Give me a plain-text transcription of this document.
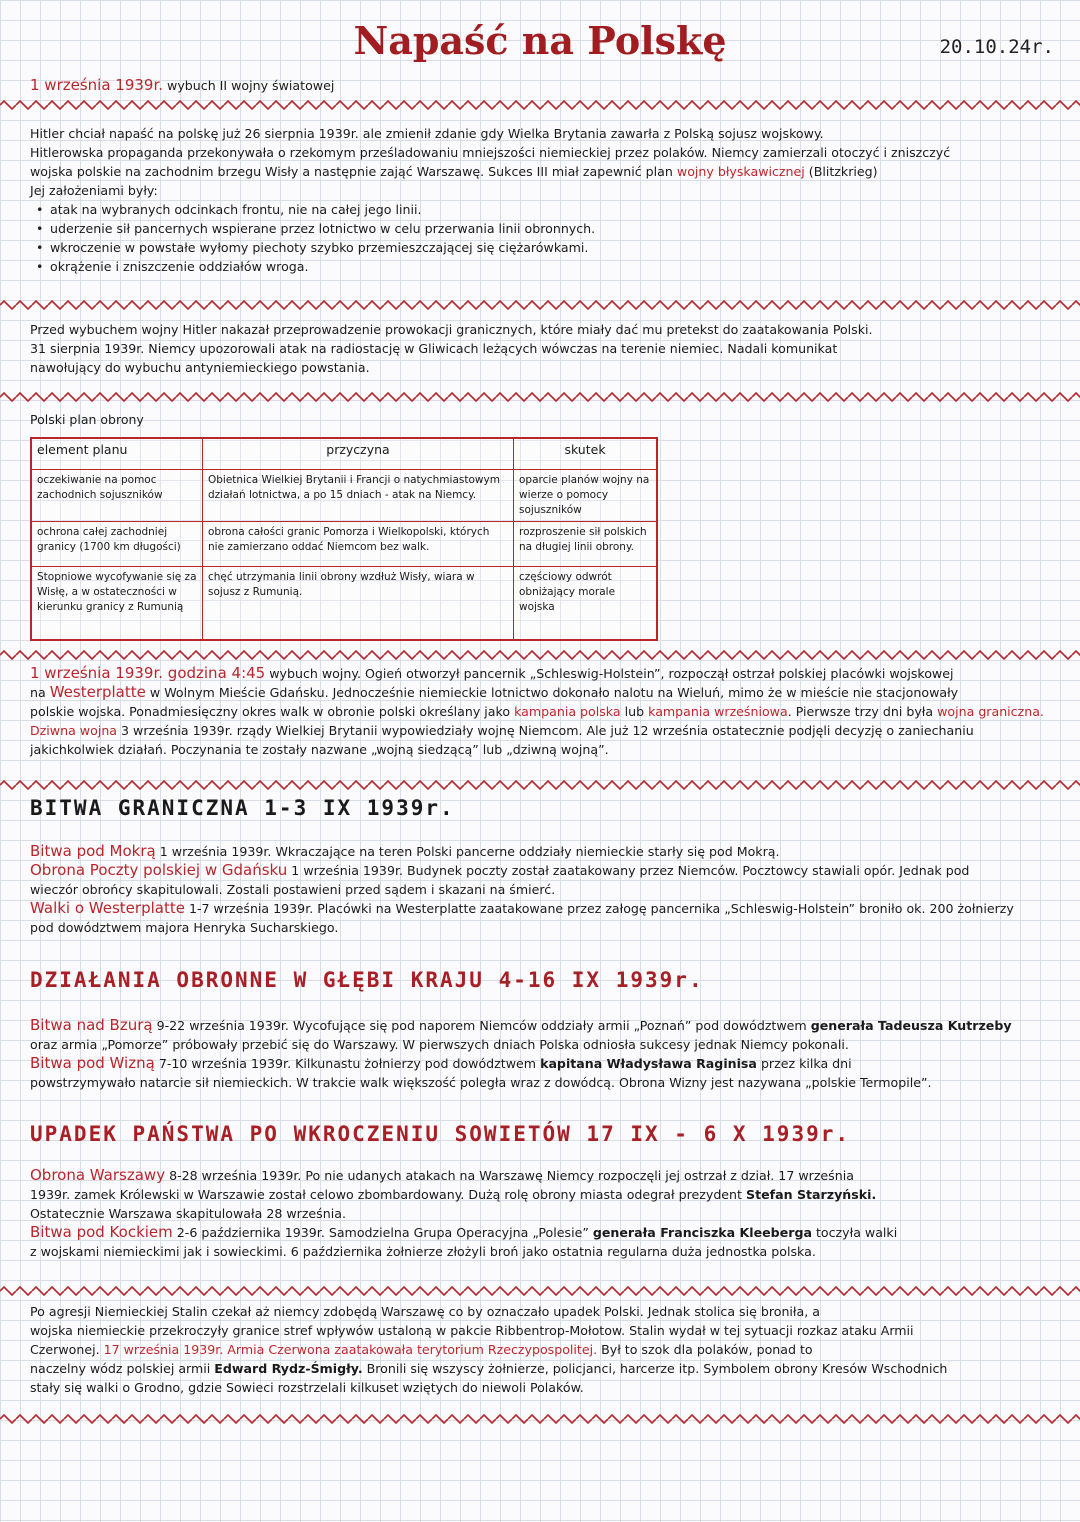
Napaść na Polskę	20.10.24r.
1 września 1939r. wybuch II wojny światowej
Hitler chciał napaść na polskę już 26 sierpnia 1939r. ale zmienił zdanie gdy Wielka Brytania zawarła z Polską sojusz wojskowy.
Hitlerowska propaganda przekonywała o rzekomym prześladowaniu mniejszości niemieckiej przez polaków. Niemcy zamierzali otoczyć i zniszczyć
wojska polskie na zachodnim brzegu Wisły a następnie zająć Warszawę. Sukces III miał zapewnić plan wojny błyskawicznej (Blitzkrieg)
Jej założeniami były:
• atak na wybranych odcinkach frontu, nie na całej jego linii.
• uderzenie sił pancernych wspierane przez lotnictwo w celu przerwania linii obronnych.
• wkroczenie w powstałe wyłomy piechoty szybko przemieszczającej się ciężarówkami.
• okrążenie i zniszczenie oddziałów wroga.
Przed wybuchem wojny Hitler nakazał przeprowadzenie prowokacji granicznych, które miały dać mu pretekst do zaatakowania Polski.
31 sierpnia 1939r. Niemcy upozorowali atak na radiostację w Gliwicach leżących wówczas na terenie niemiec. Nadali komunikat
nawołujący do wybuchu antyniemieckiego powstania.
Polski plan obrony
element planu	przyczyna	skutek
oczekiwanie na pomoc zachodnich sojuszników	Obietnica Wielkiej Brytanii i Francji o natychmiastowym działań lotnictwa, a po 15 dniach - atak na Niemcy.	oparcie planów wojny na wierze o pomocy sojuszników
ochrona całej zachodniej granicy (1700 km długości)	obrona całości granic Pomorza i Wielkopolski, których nie zamierzano oddać Niemcom bez walk.	rozproszenie sił polskich na długiej linii obrony.
Stopniowe wycofywanie się za Wisłę, a w ostateczności w kierunku granicy z Rumunią	chęć utrzymania linii obrony wzdłuż Wisły, wiara w sojusz z Rumunią.	częściowy odwrót obniżający morale wojska
1 września 1939r. godzina 4:45 wybuch wojny. Ogień otworzył pancernik „Schleswig-Holstein”, rozpoczął ostrzał polskiej placówki wojskowej
na Westerplatte w Wolnym Mieście Gdańsku. Jednocześnie niemieckie lotnictwo dokonało nalotu na Wieluń, mimo że w mieście nie stacjonowały
polskie wojska. Ponadmiesięczny okres walk w obronie polski określany jako kampania polska lub kampania wrześniowa. Pierwsze trzy dni była wojna graniczna.
Dziwna wojna 3 września 1939r. rządy Wielkiej Brytanii wypowiedziały wojnę Niemcom. Ale już 12 września ostatecznie podjęli decyzję o zaniechaniu
jakichkolwiek działań. Poczynania te zostały nazwane „wojną siedzącą” lub „dziwną wojną”.
BITWA GRANICZNA 1-3 IX 1939r.
Bitwa pod Mokrą 1 września 1939r. Wkraczające na teren Polski pancerne oddziały niemieckie starły się pod Mokrą.
Obrona Poczty polskiej w Gdańsku 1 września 1939r. Budynek poczty został zaatakowany przez Niemców. Pocztowcy stawiali opór. Jednak pod
wieczór obrońcy skapitulowali. Zostali postawieni przed sądem i skazani na śmierć.
Walki o Westerplatte 1-7 września 1939r. Placówki na Westerplatte zaatakowane przez załogę pancernika „Schleswig-Holstein” broniło ok. 200 żołnierzy
pod dowództwem majora Henryka Sucharskiego.
DZIAŁANIA OBRONNE W GŁĘBI KRAJU 4-16 IX 1939r.
Bitwa nad Bzurą 9-22 września 1939r. Wycofujące się pod naporem Niemców oddziały armii „Poznań” pod dowództwem generała Tadeusza Kutrzeby
oraz armia „Pomorze” próbowały przebić się do Warszawy. W pierwszych dniach Polska odniosła sukcesy jednak Niemcy pokonali.
Bitwa pod Wizną 7-10 września 1939r. Kilkunastu żołnierzy pod dowództwem kapitana Władysława Raginisa przez kilka dni
powstrzymywało natarcie sił niemieckich. W trakcie walk większość poległa wraz z dowódcą. Obrona Wizny jest nazywana „polskie Termopile”.
UPADEK PAŃSTWA PO WKROCZENIU SOWIETÓW 17 IX - 6 X 1939r.
Obrona Warszawy 8-28 września 1939r. Po nie udanych atakach na Warszawę Niemcy rozpoczęli jej ostrzał z dział. 17 września
1939r. zamek Królewski w Warszawie został celowo zbombardowany. Dużą rolę obrony miasta odegrał prezydent Stefan Starzyński.
Ostatecznie Warszawa skapitulowała 28 września.
Bitwa pod Kockiem 2-6 października 1939r. Samodzielna Grupa Operacyjna „Polesie” generała Franciszka Kleeberga toczyła walki
z wojskami niemieckimi jak i sowieckimi. 6 października żołnierze złożyli broń jako ostatnia regularna duża jednostka polska.
Po agresji Niemieckiej Stalin czekał aż niemcy zdobędą Warszawę co by oznaczało upadek Polski. Jednak stolica się broniła, a
wojska niemieckie przekroczyły granice stref wpływów ustaloną w pakcie Ribbentrop-Mołotow. Stalin wydał w tej sytuacji rozkaz ataku Armii
Czerwonej. 17 września 1939r. Armia Czerwona zaatakowała terytorium Rzeczypospolitej. Był to szok dla polaków, ponad to
naczelny wódz polskiej armii Edward Rydz-Śmigły. Bronili się wszyscy żołnierze, policjanci, harcerze itp. Symbolem obrony Kresów Wschodnich
stały się walki o Grodno, gdzie Sowieci rozstrzelali kilkuset wziętych do niewoli Polaków.
